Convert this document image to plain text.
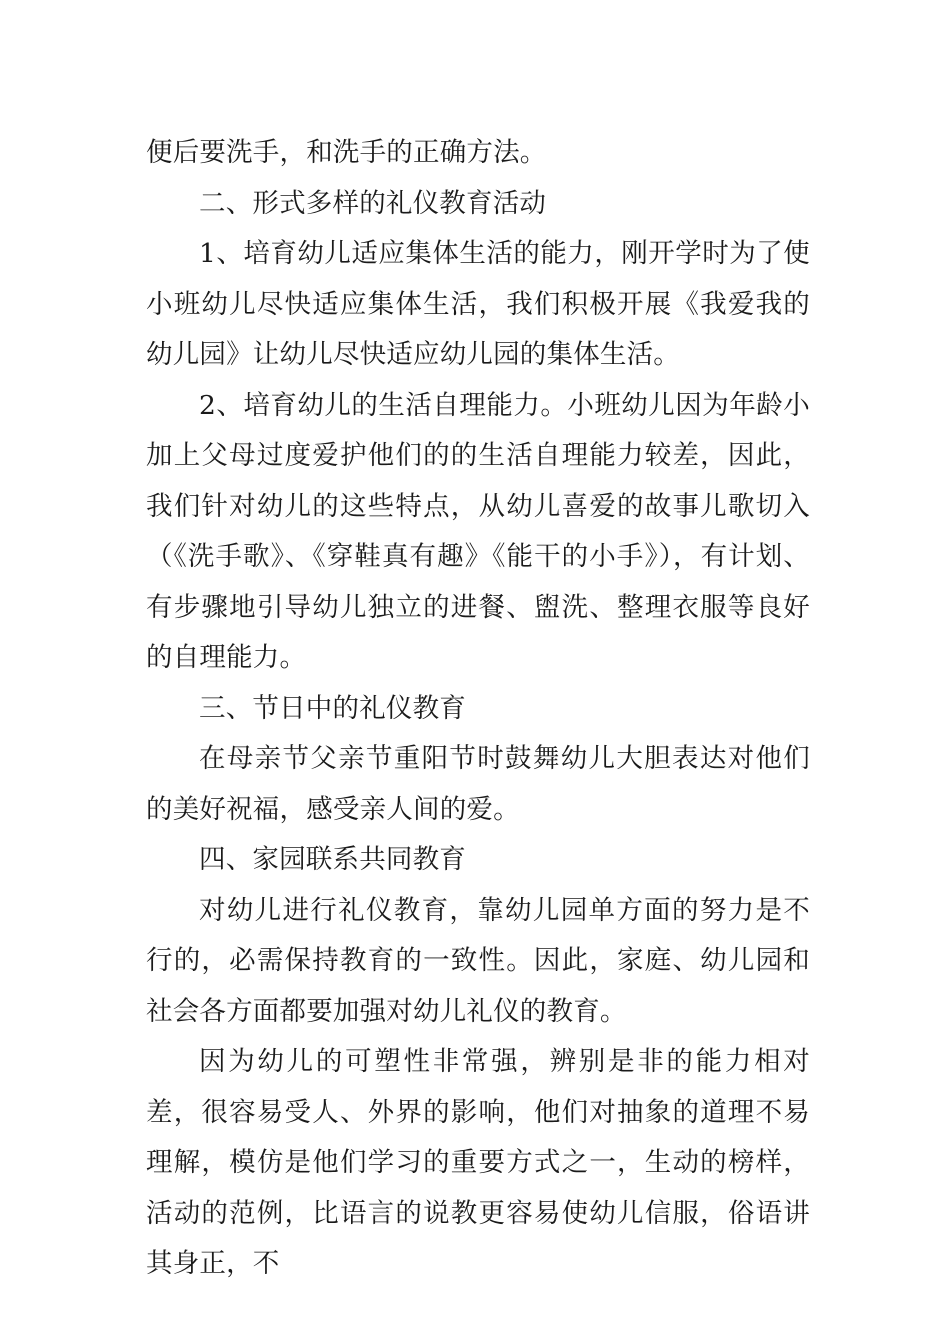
便后要洗手，和洗手的正确方法。

二、形式多样的礼仪教育活动

1、培育幼儿适应集体生活的能力，刚开学时为了使小班幼儿尽快适应集体生活，我们积极开展《我爱我的幼儿园》让幼儿尽快适应幼儿园的集体生活。

2、培育幼儿的生活自理能力。小班幼儿因为年龄小加上父母过度爱护他们的的生活自理能力较差，因此，我们针对幼儿的这些特点，从幼儿喜爱的故事儿歌切入（《洗手歌》、《穿鞋真有趣》《能干的小手》），有计划、有步骤地引导幼儿独立的进餐、盥洗、整理衣服等良好的自理能力。

三、节日中的礼仪教育

在母亲节父亲节重阳节时鼓舞幼儿大胆表达对他们的美好祝福，感受亲人间的爱。

四、家园联系共同教育

对幼儿进行礼仪教育，靠幼儿园单方面的努力是不行的，必需保持教育的一致性。因此，家庭、幼儿园和社会各方面都要加强对幼儿礼仪的教育。

因为幼儿的可塑性非常强，辨别是非的能力相对差，很容易受人、外界的影响，他们对抽象的道理不易理解，模仿是他们学习的重要方式之一，生动的榜样，活动的范例，比语言的说教更容易使幼儿信服，俗语讲其身正，不
